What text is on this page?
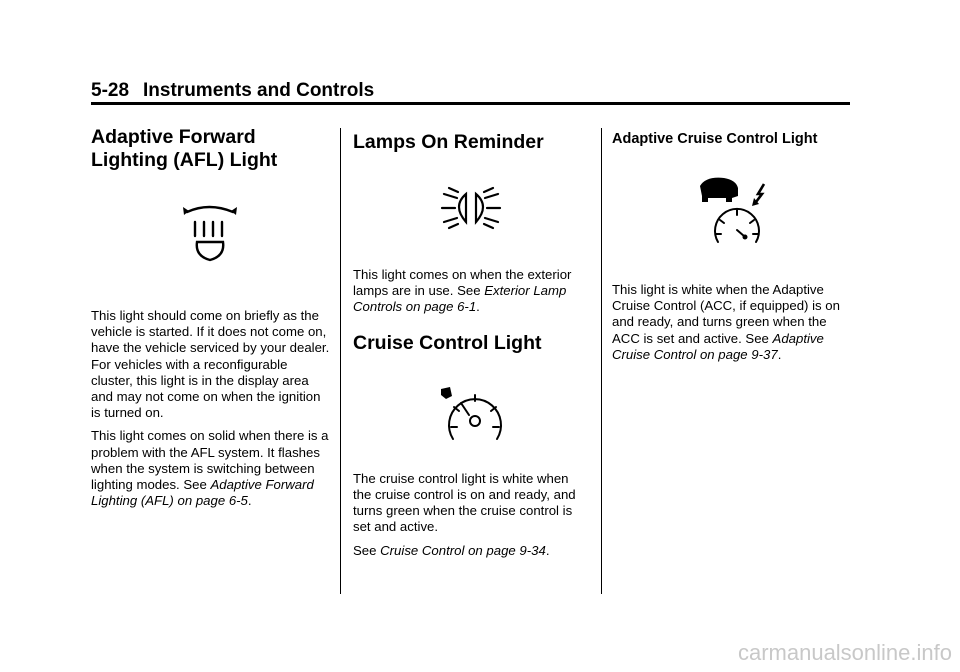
5-28 Instruments and Controls
Adaptive Forward Lighting (AFL) Light

This light should come on briefly as the vehicle is started. If it does not come on, have the vehicle serviced by your dealer. For vehicles with a reconfigurable cluster, this light is in the display area and may not come on when the ignition is turned on.

This light comes on solid when there is a problem with the AFL system. It flashes when the system is switching between lighting modes. See Adaptive Forward Lighting (AFL) on page 6-5.

Lamps On Reminder

This light comes on when the exterior lamps are in use. See Exterior Lamp Controls on page 6-1.

Cruise Control Light

The cruise control light is white when the cruise control is on and ready, and turns green when the cruise control is set and active.

See Cruise Control on page 9-34.

Adaptive Cruise Control Light

This light is white when the Adaptive Cruise Control (ACC, if equipped) is on and ready, and turns green when the ACC is set and active. See Adaptive Cruise Control on page 9-37.

carmanualsonline.info
